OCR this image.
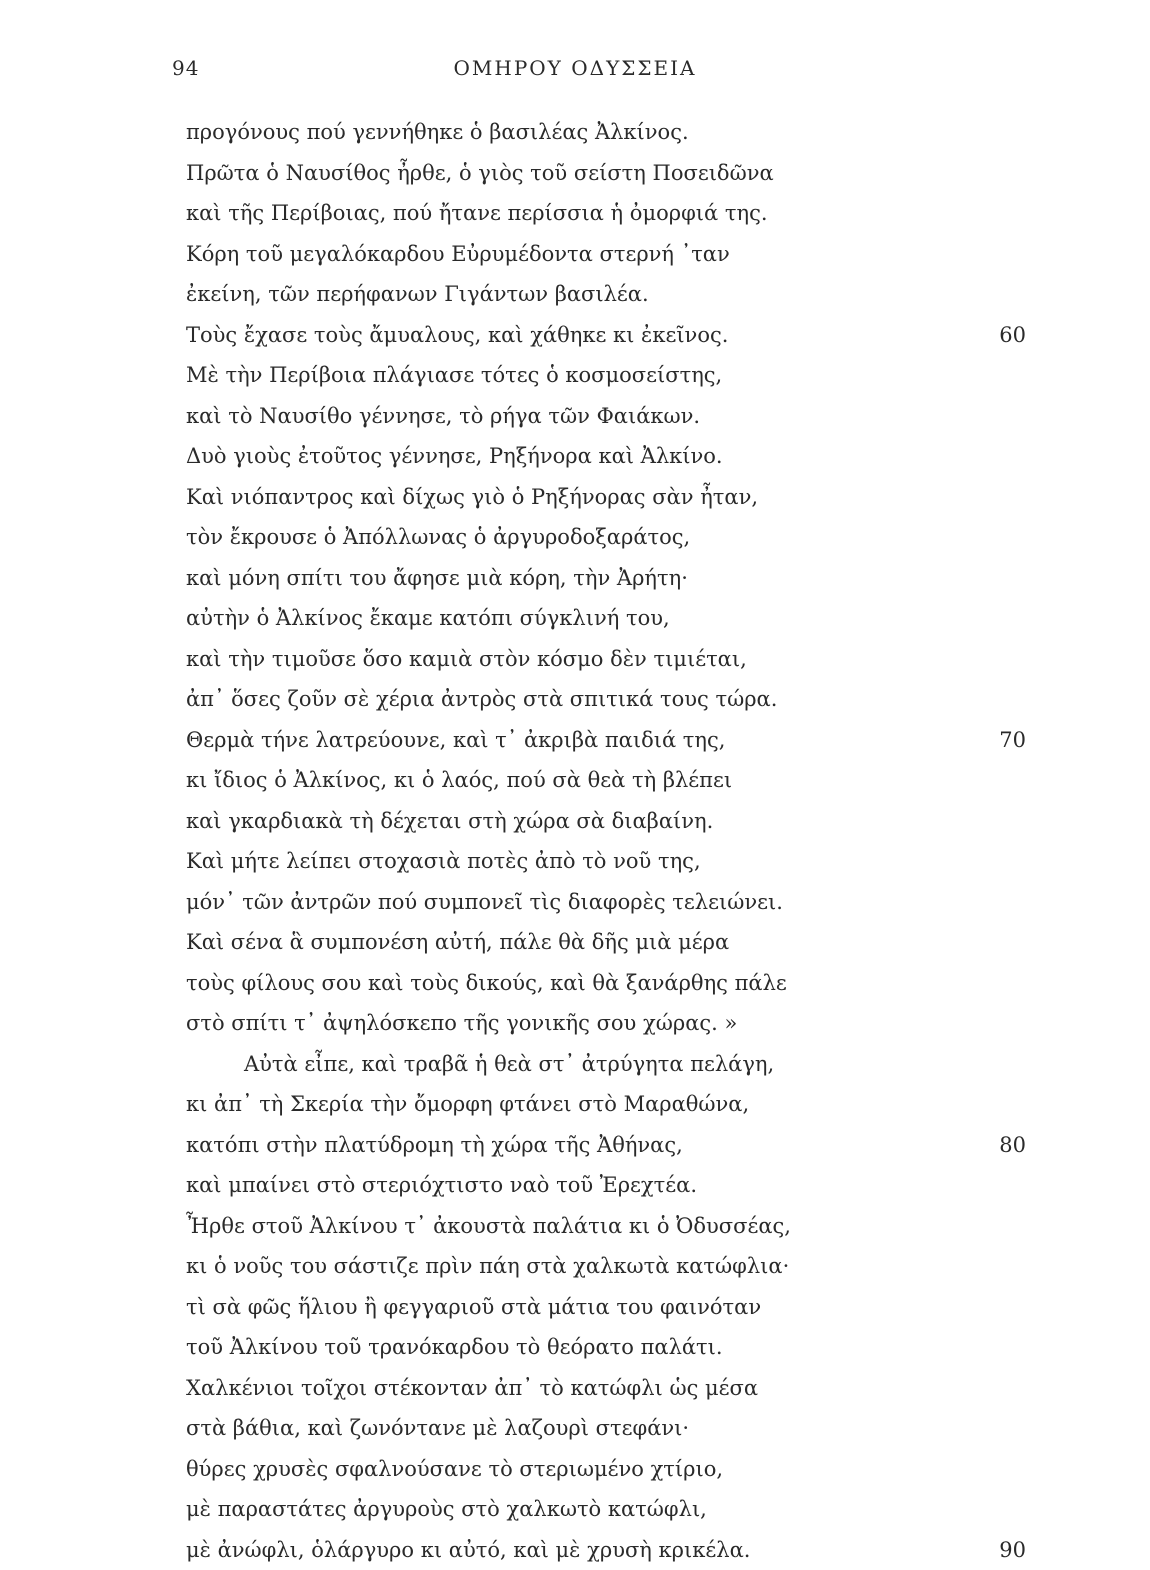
94	ΟΜΗΡΟΥ ΟΔΥΣΣΕΙΑ
προγόνους πού γεννήθηκε ὁ βασιλέας Ἀλκίνος.
Πρῶτα ὁ Ναυσίθος ἦρθε, ὁ γιὸς τοῦ σείστη Ποσειδῶνα
καὶ τῆς Περίβοιας, πού ἤτανε περίσσια ἡ ὀμορφιά της.
Κόρη τοῦ μεγαλόκαρδου Εὐρυμέδοντα στερνή ᾿ταν
ἐκείνη, τῶν περήφανων Γιγάντων βασιλέα.
Τοὺς ἔχασε τοὺς ἄμυαλους, καὶ χάθηκε κι ἐκεῖνος.	60
Μὲ τὴν Περίβοια πλάγιασε τότες ὁ κοσμοσείστης,
καὶ τὸ Ναυσίθο γέννησε, τὸ ρήγα τῶν Φαιάκων.
Δυὸ γιοὺς ἐτοῦτος γέννησε, Ρηξήνορα καὶ Ἀλκίνο.
Καὶ νιόπαντρος καὶ δίχως γιὸ ὁ Ρηξήνορας σὰν ἦταν,
τὸν ἔκρουσε ὁ Ἀπόλλωνας ὁ ἀργυροδοξαράτος,
καὶ μόνη σπίτι του ἄφησε μιὰ κόρη, τὴν Ἀρήτη·
αὐτὴν ὁ Ἀλκίνος ἔκαμε κατόπι σύγκλινή του,
καὶ τὴν τιμοῦσε ὅσο καμιὰ στὸν κόσμο δὲν τιμιέται,
ἀπ᾿ ὅσες ζοῦν σὲ χέρια ἀντρὸς στὰ σπιτικά τους τώρα.
Θερμὰ τήνε λατρεύουνε, καὶ τ᾿ ἀκριβὰ παιδιά της,	70
κι ἴδιος ὁ Ἀλκίνος, κι ὁ λαός, πού σὰ θεὰ τὴ βλέπει
καὶ γκαρδιακὰ τὴ δέχεται στὴ χώρα σὰ διαβαίνη.
Καὶ μήτε λείπει στοχασιὰ ποτὲς ἀπὸ τὸ νοῦ της,
μόν᾿ τῶν ἀντρῶν πού συμπονεῖ τὶς διαφορὲς τελειώνει.
Καὶ σένα ἃ συμπονέση αὐτή, πάλε θὰ δῆς μιὰ μέρα
τοὺς φίλους σου καὶ τοὺς δικούς, καὶ θὰ ξανάρθης πάλε
στὸ σπίτι τ᾿ ἀψηλόσκεπο τῆς γονικῆς σου χώρας. »
Αὐτὰ εἶπε, καὶ τραβᾶ ἡ θεὰ στ᾿ ἀτρύγητα πελάγη,
κι ἀπ᾿ τὴ Σκερία τὴν ὄμορφη φτάνει στὸ Μαραθώνα,
κατόπι στὴν πλατύδρομη τὴ χώρα τῆς Ἀθήνας,	80
καὶ μπαίνει στὸ στεριόχτιστο ναὸ τοῦ Ἐρεχτέα.
Ἦρθε στοῦ Ἀλκίνου τ᾿ ἀκουστὰ παλάτια κι ὁ Ὀδυσσέας,
κι ὁ νοῦς του σάστιζε πρὶν πάη στὰ χαλκωτὰ κατώφλια·
τὶ σὰ φῶς ἥλιου ἢ φεγγαριοῦ στὰ μάτια του φαινόταν
τοῦ Ἀλκίνου τοῦ τρανόκαρδου τὸ θεόρατο παλάτι.
Χαλκένιοι τοῖχοι στέκονταν ἀπ᾿ τὸ κατώφλι ὡς μέσα
στὰ βάθια, καὶ ζωνόντανε μὲ λαζουρὶ στεφάνι·
θύρες χρυσὲς σφαλνούσανε τὸ στεριωμένο χτίριο,
μὲ παραστάτες ἀργυροὺς στὸ χαλκωτὸ κατώφλι,
μὲ ἀνώφλι, ὁλάργυρο κι αὐτό, καὶ μὲ χρυσὴ κρικέλα.	90
